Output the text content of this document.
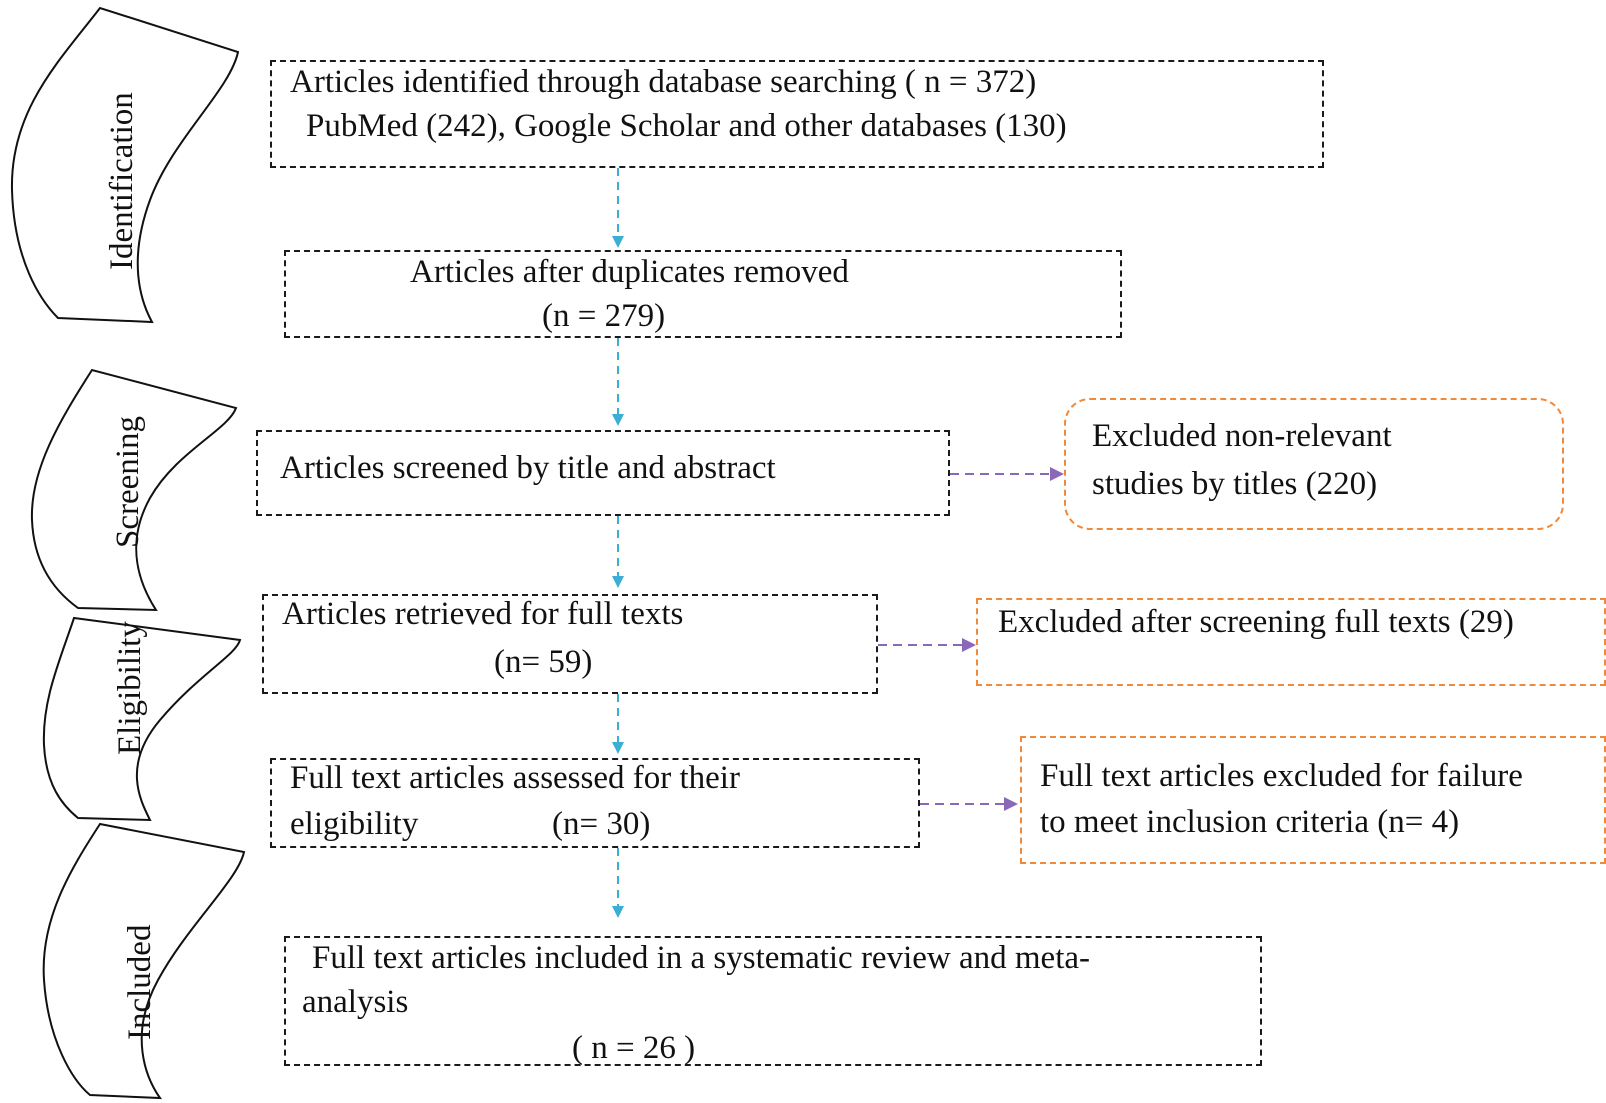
Identification
Screening
Eligibility
Included
Articles identified through database searching ( n = 372)
PubMed (242), Google Scholar and other databases (130)
Articles after duplicates removed
(n = 279)
Articles screened by title and abstract
Excluded non-relevant
studies by titles (220)
Articles retrieved for full texts
(n= 59)
Excluded after screening full texts (29)
Full text articles assessed for their
eligibility	(n= 30)
Full text articles excluded for failure
to meet inclusion criteria (n= 4)
Full text articles included in a systematic review and meta-
analysis
( n = 26 )
